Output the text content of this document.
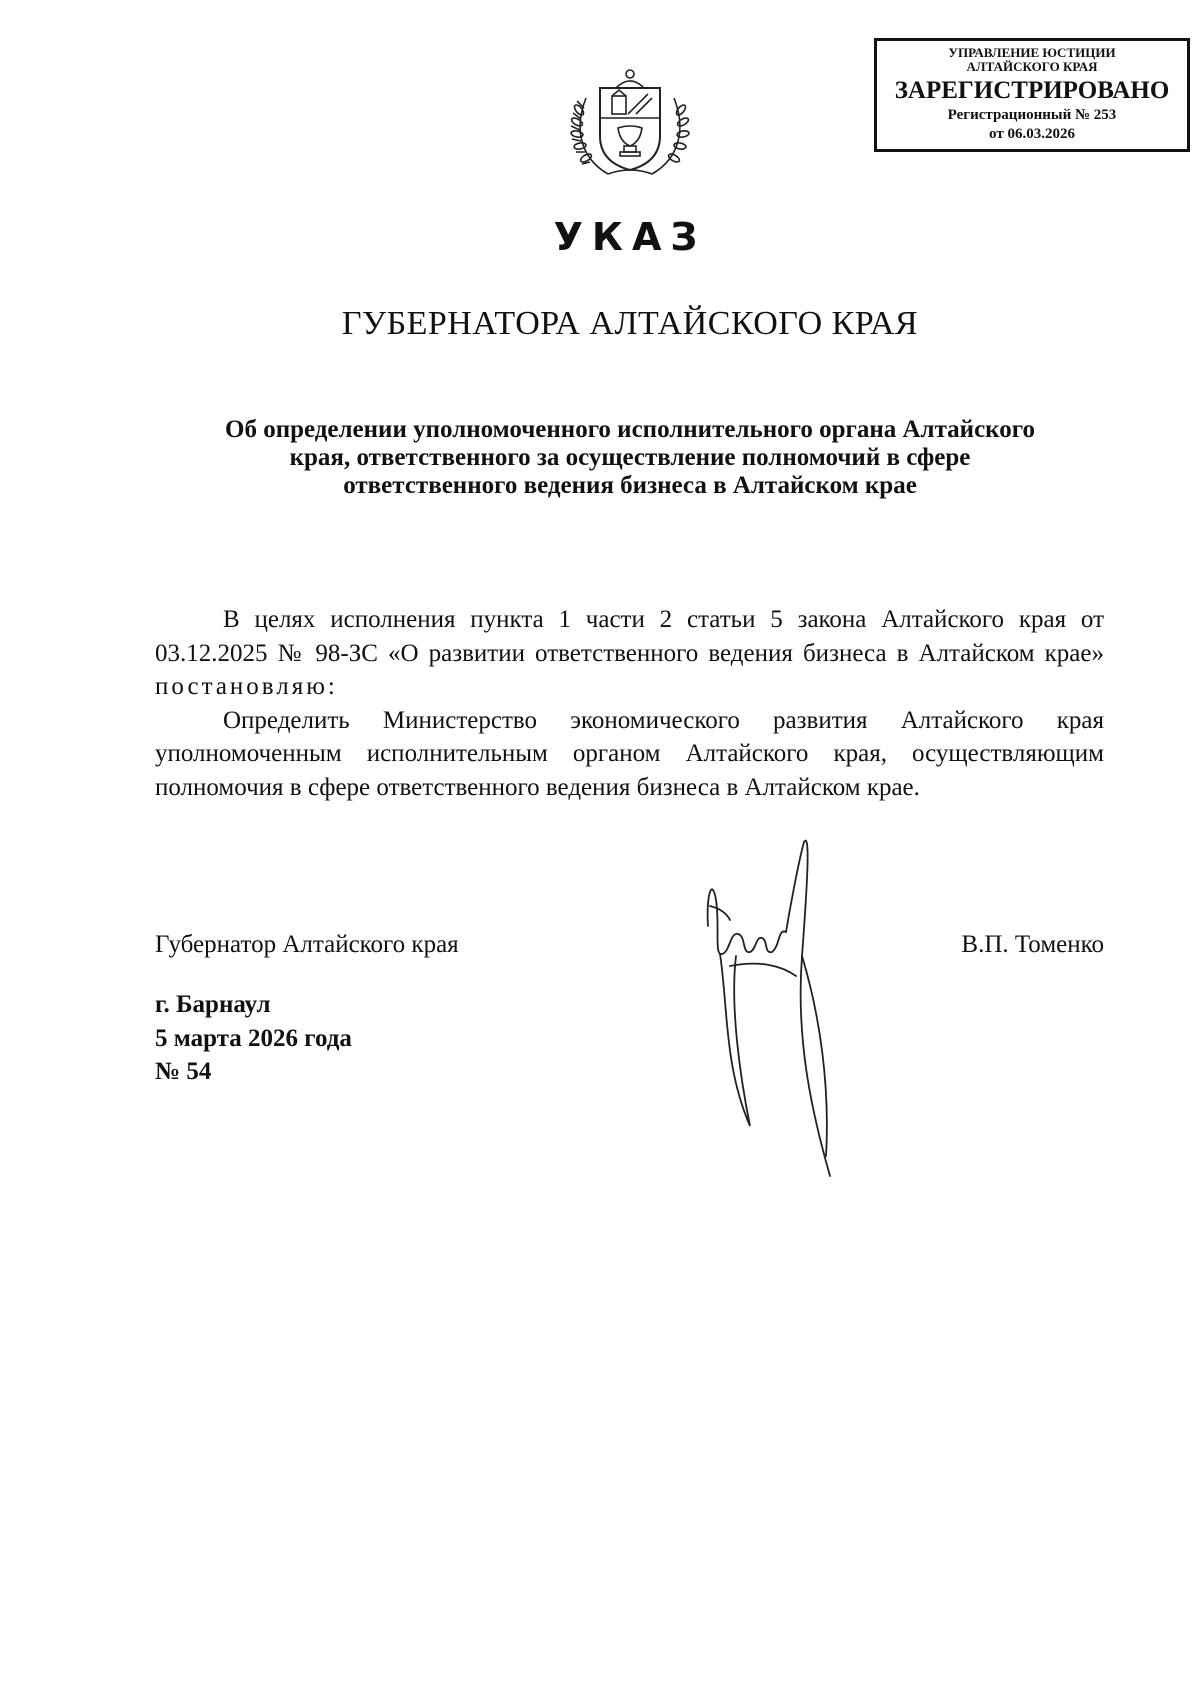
УПРАВЛЕНИЕ ЮСТИЦИИ
АЛТАЙСКОГО КРАЯ
ЗАРЕГИСТРИРОВАНО
Регистрационный № 253
от 06.03.2026
УКАЗ
ГУБЕРНАТОРА АЛТАЙСКОГО КРАЯ
Об определении уполномоченного исполнительного органа Алтайского
края, ответственного за осуществление полномочий в сфере
ответственного ведения бизнеса в Алтайском крае

В целях исполнения пункта 1 части 2 статьи 5 закона Алтайского края от 03.12.2025 № 98-ЗС «О развитии ответственного ведения бизнеса в Алтайском крае» постановляю:

Определить Министерство экономического развития Алтайского края уполномоченным исполнительным органом Алтайского края, осуществляющим полномочия в сфере ответственного ведения бизнеса в Алтайском крае.

Губернатор Алтайского края	В.П. Томенко
г. Барнаул
5 марта 2026 года
№ 54
